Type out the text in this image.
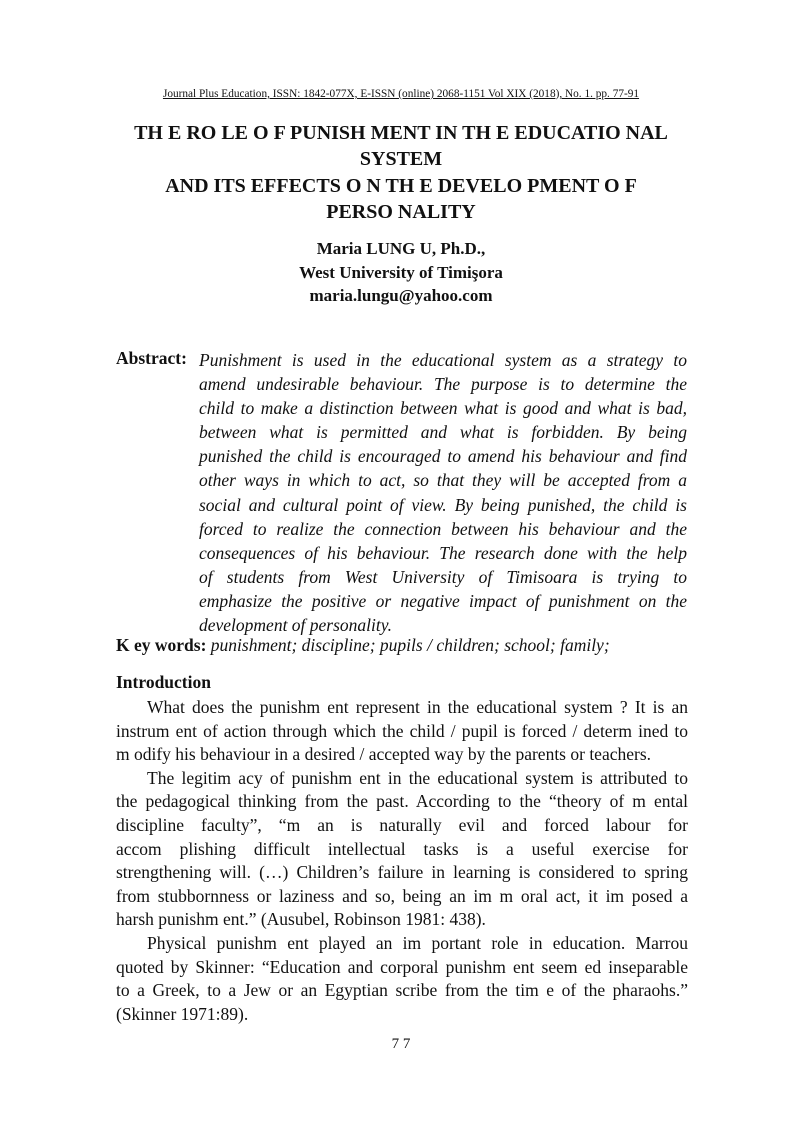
Journal Plus Education, ISSN: 1842-077X, E-ISSN (online) 2068-1151 Vol XIX (2018), No. 1. pp. 77-91
TH E RO LE O F PUNISH MENT IN TH E EDUCATIO NAL
SYSTEM
AND ITS EFFECTS O N TH E DEVELO PMENT O F
PERSO NALITY
Maria LUNG U, Ph.D.,
West University of Timişora
maria.lungu@yahoo.com
Abstract: Punishment is used in the educational system as a strategy to
amend undesirable behaviour. The purpose is to determine the
child to make a distinction between what is good and what is bad,
between what is permitted and what is forbidden. By being
punished the child is encouraged to amend his behaviour and find
other ways in which to act, so that they will be accepted from a
social and cultural point of view. By being punished, the child is
forced to realize the connection between his behaviour and the
consequences of his behaviour. The research done with the help
of students from West University of Timisoara is trying to
emphasize the positive or negative impact of punishment on the
development of personality.
K ey words: punishment; discipline; pupils / children; school; family;
Introduction
What does the punishm ent represent in the educational system ? It is an
instrum ent of action through which the child / pupil is forced / determ ined to
m odify his behaviour in a desired / accepted way by the parents or teachers.
The legitim acy of punishm ent in the educational system is attributed to
the pedagogical thinking from the past. According to the “theory of m ental
discipline faculty”, “m an is naturally evil and forced labour for
accom plishing difficult intellectual tasks is a useful exercise for
strengthening will. (…) Children’s failure in learning is considered to spring
from stubbornness or laziness and so, being an im m oral act, it im posed a
harsh punishm ent.” (Ausubel, Robinson 1981: 438).
Physical punishm ent played an im portant role in education. Marrou
quoted by Skinner: “Education and corporal punishm ent seem ed inseparable
to a Greek, to a Jew or an Egyptian scribe from the tim e of the pharaohs.”
(Skinner 1971:89).
7 7
